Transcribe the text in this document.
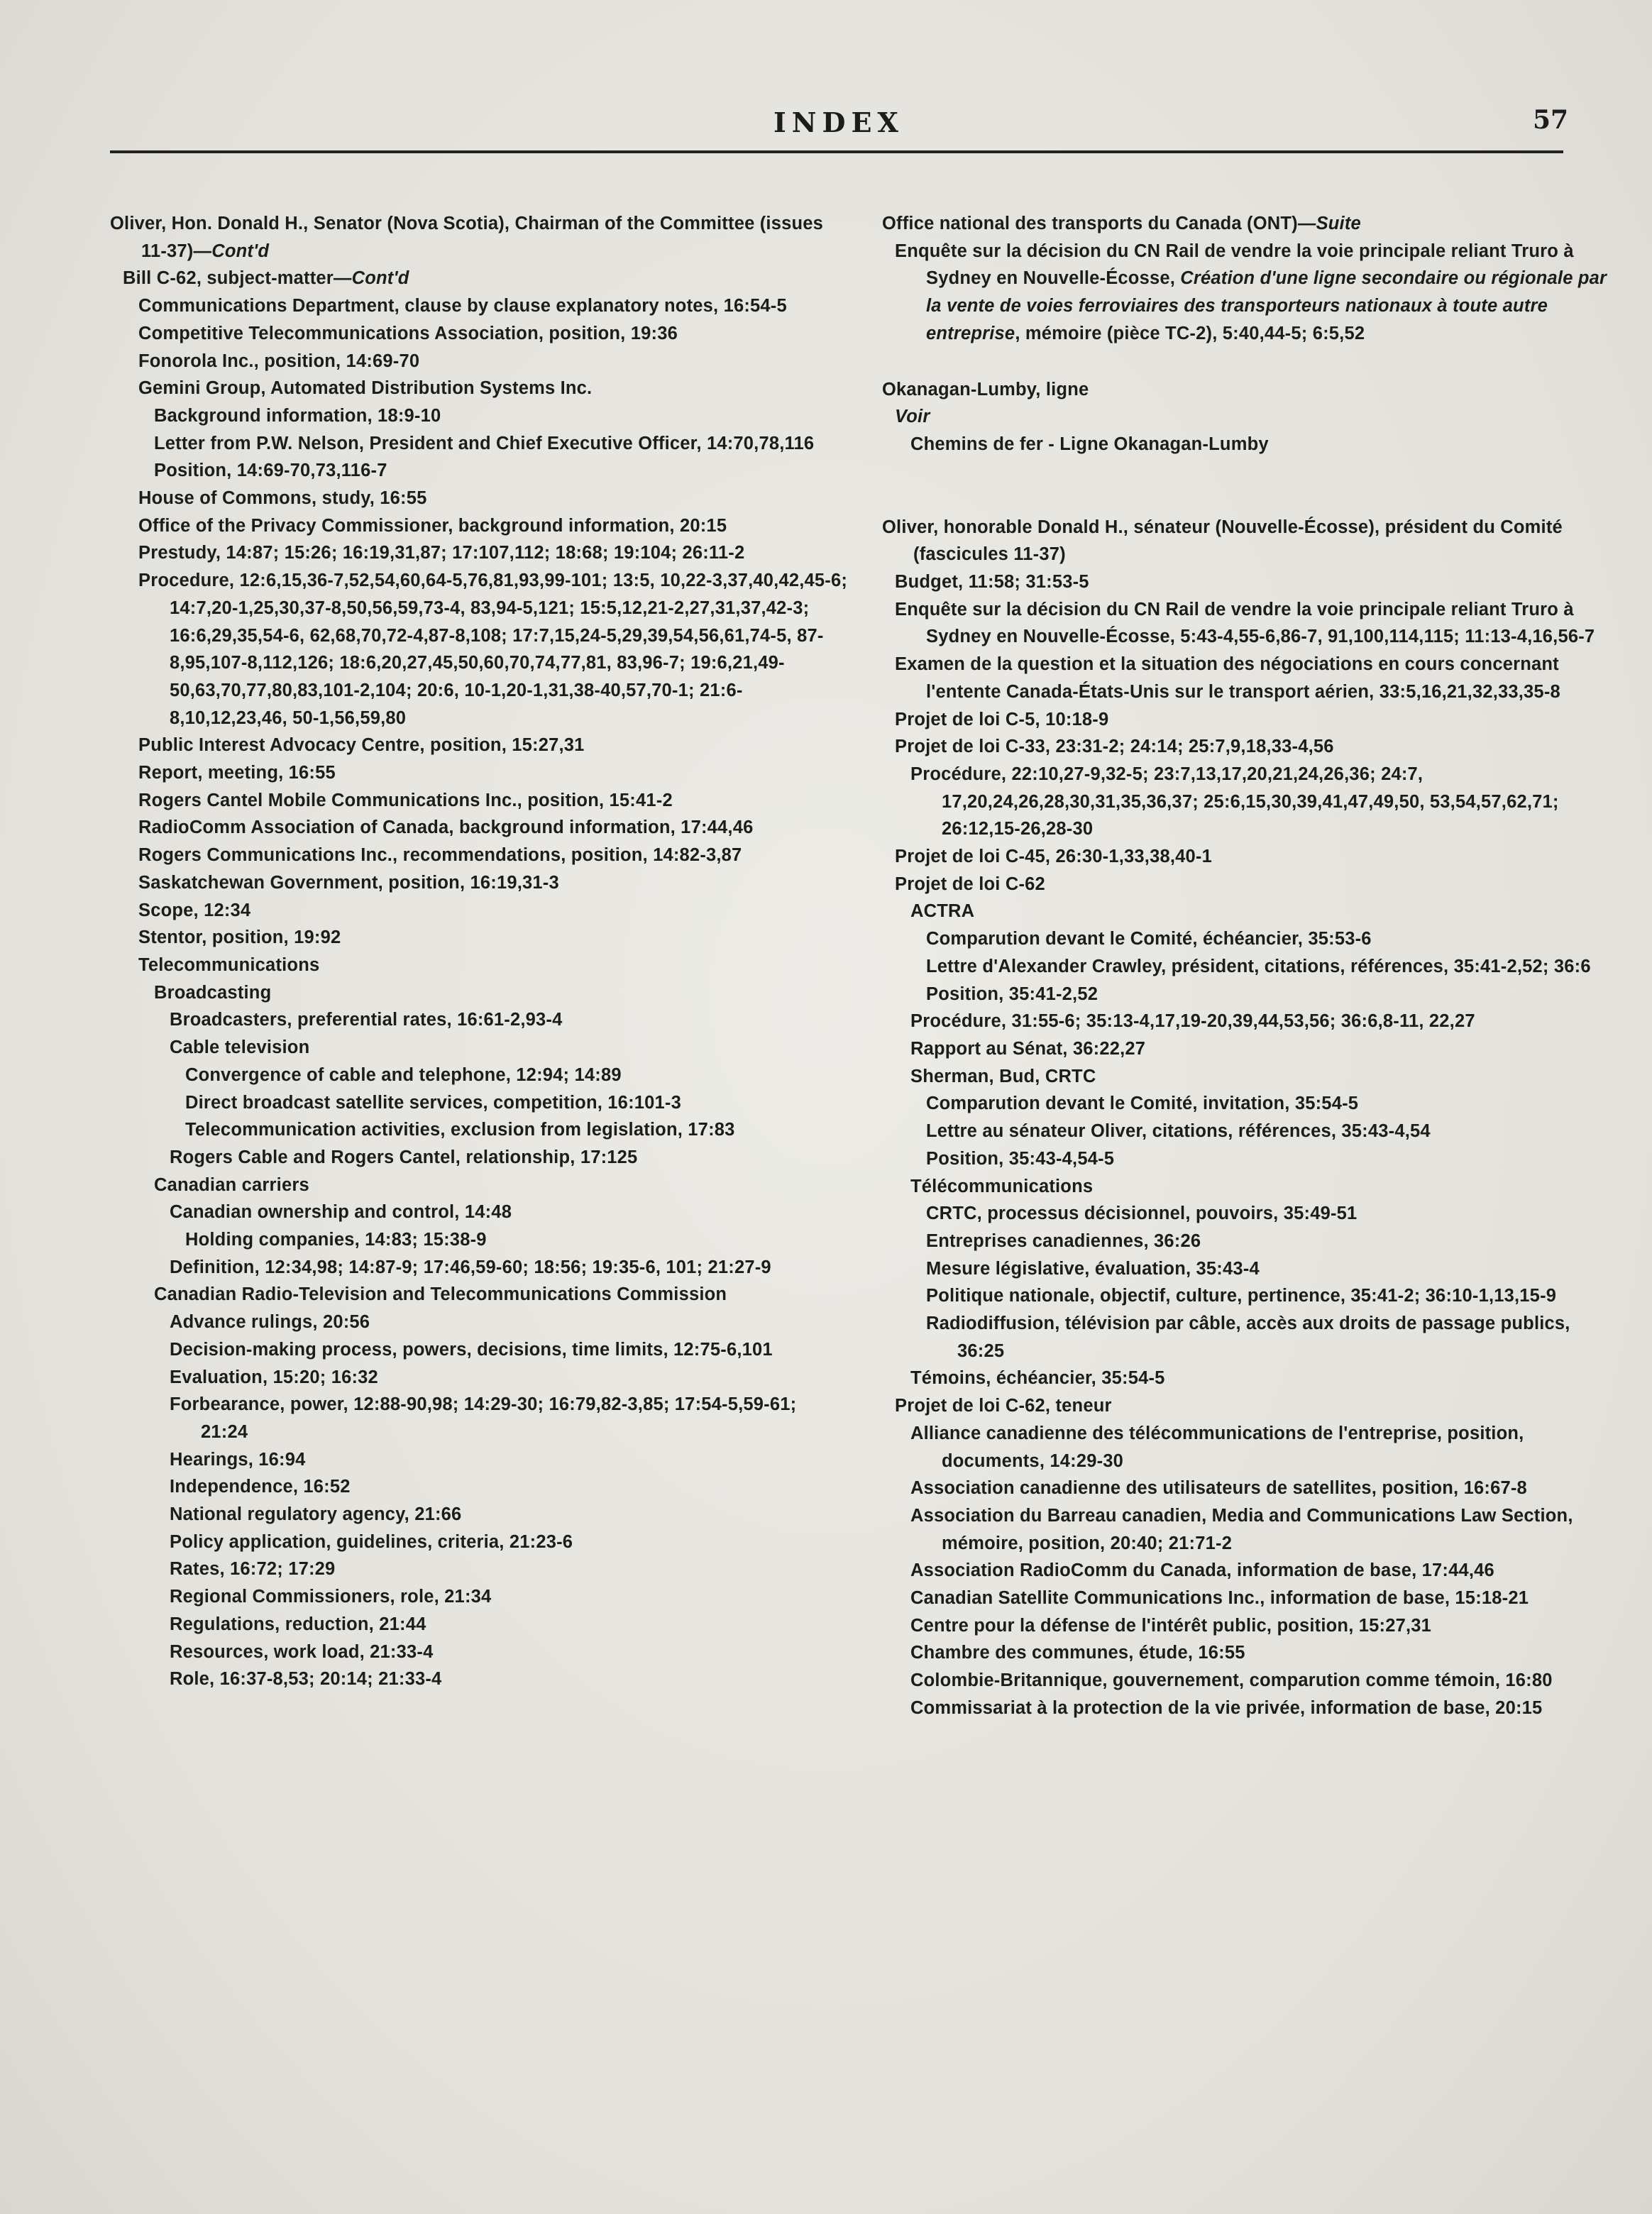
INDEX	57
Oliver, Hon. Donald H., Senator (Nova Scotia), Chairman of the Committee (issues 11-37)—Cont'd
Bill C-62, subject-matter—Cont'd
Communications Department, clause by clause explanatory notes, 16:54-5
Competitive Telecommunications Association, position, 19:36
Fonorola Inc., position, 14:69-70
Gemini Group, Automated Distribution Systems Inc.
Background information, 18:9-10
Letter from P.W. Nelson, President and Chief Executive Officer, 14:70,78,116
Position, 14:69-70,73,116-7
House of Commons, study, 16:55
Office of the Privacy Commissioner, background information, 20:15
Prestudy, 14:87; 15:26; 16:19,31,87; 17:107,112; 18:68; 19:104; 26:11-2
Procedure, 12:6,15,36-7,52,54,60,64-5,76,81,93,99-101; 13:5, 10,22-3,37,40,42,45-6; 14:7,20-1,25,30,37-8,50,56,59,73-4, 83,94-5,121; 15:5,12,21-2,27,31,37,42-3; 16:6,29,35,54-6, 62,68,70,72-4,87-8,108; 17:7,15,24-5,29,39,54,56,61,74-5, 87-8,95,107-8,112,126; 18:6,20,27,45,50,60,70,74,77,81, 83,96-7; 19:6,21,49-50,63,70,77,80,83,101-2,104; 20:6, 10-1,20-1,31,38-40,57,70-1; 21:6-8,10,12,23,46, 50-1,56,59,80
Public Interest Advocacy Centre, position, 15:27,31
Report, meeting, 16:55
Rogers Cantel Mobile Communications Inc., position, 15:41-2
RadioComm Association of Canada, background information, 17:44,46
Rogers Communications Inc., recommendations, position, 14:82-3,87
Saskatchewan Government, position, 16:19,31-3
Scope, 12:34
Stentor, position, 19:92
Telecommunications
Broadcasting
Broadcasters, preferential rates, 16:61-2,93-4
Cable television
Convergence of cable and telephone, 12:94; 14:89
Direct broadcast satellite services, competition, 16:101-3
Telecommunication activities, exclusion from legislation, 17:83
Rogers Cable and Rogers Cantel, relationship, 17:125
Canadian carriers
Canadian ownership and control, 14:48
Holding companies, 14:83; 15:38-9
Definition, 12:34,98; 14:87-9; 17:46,59-60; 18:56; 19:35-6, 101; 21:27-9
Canadian Radio-Television and Telecommunications Commission
Advance rulings, 20:56
Decision-making process, powers, decisions, time limits, 12:75-6,101
Evaluation, 15:20; 16:32
Forbearance, power, 12:88-90,98; 14:29-30; 16:79,82-3,85; 17:54-5,59-61; 21:24
Hearings, 16:94
Independence, 16:52
National regulatory agency, 21:66
Policy application, guidelines, criteria, 21:23-6
Rates, 16:72; 17:29
Regional Commissioners, role, 21:34
Regulations, reduction, 21:44
Resources, work load, 21:33-4
Role, 16:37-8,53; 20:14; 21:33-4
Office national des transports du Canada (ONT)—Suite
Enquête sur la décision du CN Rail de vendre la voie principale reliant Truro à Sydney en Nouvelle-Écosse, Création d'une ligne secondaire ou régionale par la vente de voies ferroviaires des transporteurs nationaux à toute autre entreprise, mémoire (pièce TC-2), 5:40,44-5; 6:5,52
Okanagan-Lumby, ligne
Voir
Chemins de fer - Ligne Okanagan-Lumby
Oliver, honorable Donald H., sénateur (Nouvelle-Écosse), président du Comité (fascicules 11-37)
Budget, 11:58; 31:53-5
Enquête sur la décision du CN Rail de vendre la voie principale reliant Truro à Sydney en Nouvelle-Écosse, 5:43-4,55-6,86-7, 91,100,114,115; 11:13-4,16,56-7
Examen de la question et la situation des négociations en cours concernant l'entente Canada-États-Unis sur le transport aérien, 33:5,16,21,32,33,35-8
Projet de loi C-5, 10:18-9
Projet de loi C-33, 23:31-2; 24:14; 25:7,9,18,33-4,56
Procédure, 22:10,27-9,32-5; 23:7,13,17,20,21,24,26,36; 24:7, 17,20,24,26,28,30,31,35,36,37; 25:6,15,30,39,41,47,49,50, 53,54,57,62,71; 26:12,15-26,28-30
Projet de loi C-45, 26:30-1,33,38,40-1
Projet de loi C-62
ACTRA
Comparution devant le Comité, échéancier, 35:53-6
Lettre d'Alexander Crawley, président, citations, références, 35:41-2,52; 36:6
Position, 35:41-2,52
Procédure, 31:55-6; 35:13-4,17,19-20,39,44,53,56; 36:6,8-11, 22,27
Rapport au Sénat, 36:22,27
Sherman, Bud, CRTC
Comparution devant le Comité, invitation, 35:54-5
Lettre au sénateur Oliver, citations, références, 35:43-4,54
Position, 35:43-4,54-5
Télécommunications
CRTC, processus décisionnel, pouvoirs, 35:49-51
Entreprises canadiennes, 36:26
Mesure législative, évaluation, 35:43-4
Politique nationale, objectif, culture, pertinence, 35:41-2; 36:10-1,13,15-9
Radiodiffusion, télévision par câble, accès aux droits de passage publics, 36:25
Témoins, échéancier, 35:54-5
Projet de loi C-62, teneur
Alliance canadienne des télécommunications de l'entreprise, position, documents, 14:29-30
Association canadienne des utilisateurs de satellites, position, 16:67-8
Association du Barreau canadien, Media and Communications Law Section, mémoire, position, 20:40; 21:71-2
Association RadioComm du Canada, information de base, 17:44,46
Canadian Satellite Communications Inc., information de base, 15:18-21
Centre pour la défense de l'intérêt public, position, 15:27,31
Chambre des communes, étude, 16:55
Colombie-Britannique, gouvernement, comparution comme témoin, 16:80
Commissariat à la protection de la vie privée, information de base, 20:15
